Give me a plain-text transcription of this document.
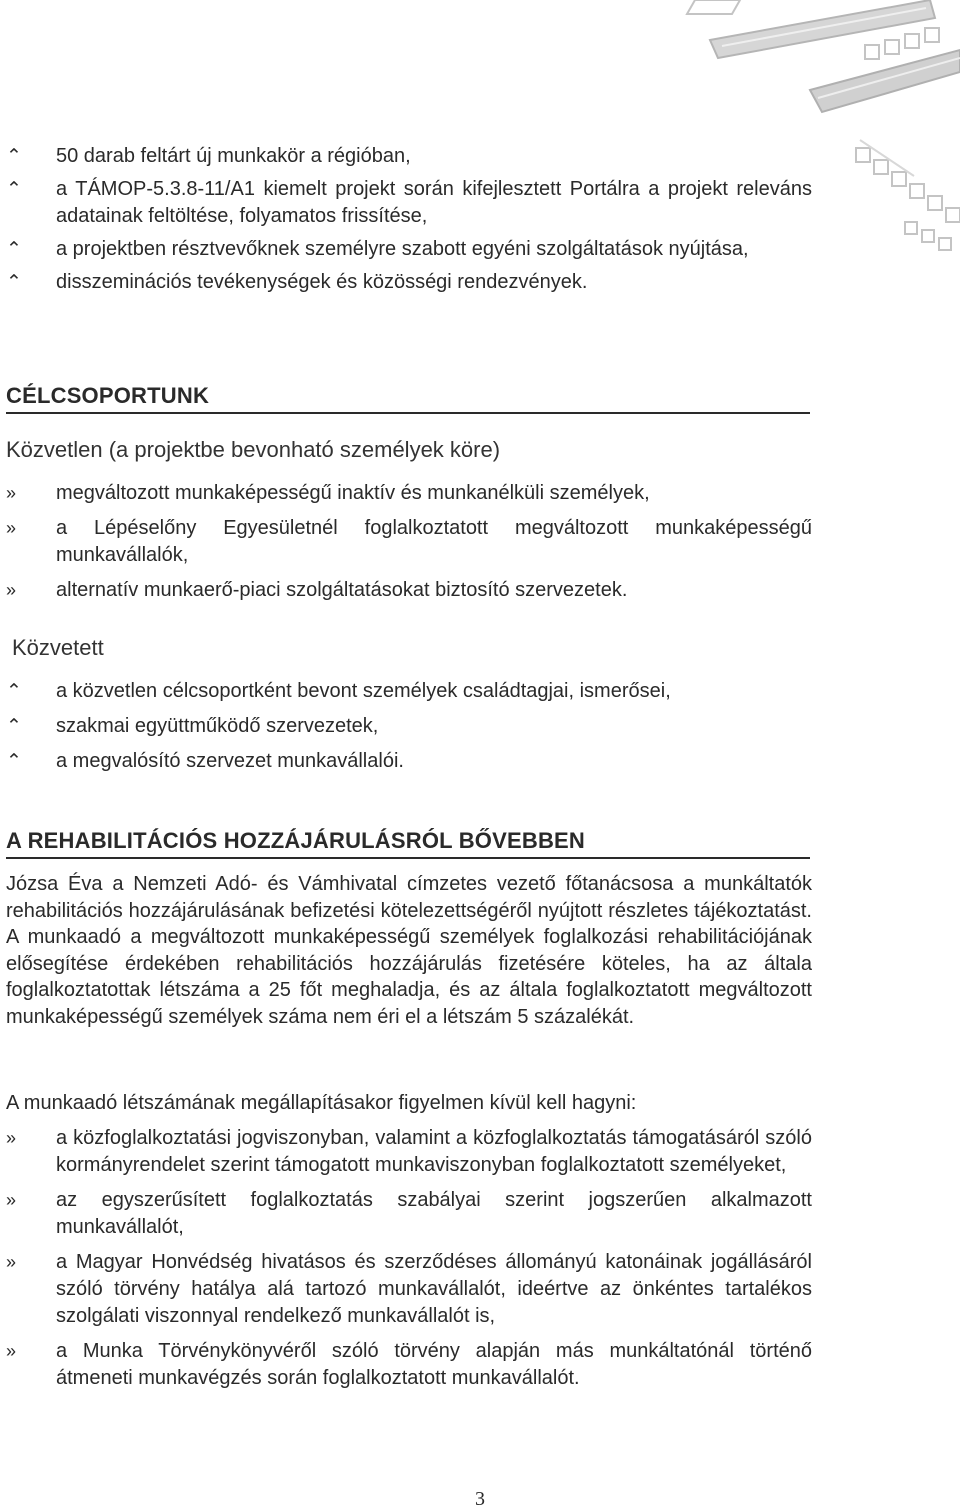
⌃	50 darab feltárt új munkakör a régióban,
⌃	a TÁMOP-5.3.8-11/A1 kiemelt projekt során kifejlesztett Portálra a projekt releváns adatainak feltöltése, folyamatos frissítése,
⌃	a projektben résztvevőknek személyre szabott egyéni szolgáltatások nyújtása,
⌃	disszeminációs tevékenységek és közösségi rendezvények.
CÉLCSOPORTUNK
Közvetlen (a projektbe bevonható személyek köre)
»	megváltozott munkaképességű inaktív és munkanélküli személyek,
»	a Lépéselőny Egyesületnél foglalkoztatott megváltozott munkaképességű munkavállalók,
»	alternatív munkaerő-piaci szolgáltatásokat biztosító szervezetek.
Közvetett
⌃	a közvetlen célcsoportként bevont személyek családtagjai, ismerősei,
⌃	szakmai együttműködő szervezetek,
⌃	a megvalósító szervezet munkavállalói.
A REHABILITÁCIÓS HOZZÁJÁRULÁSRÓL BŐVEBBEN

Józsa Éva a Nemzeti Adó- és Vámhivatal címzetes vezető főtanácsosa a munkáltatók rehabilitációs hozzájárulásának befizetési kötelezettségéről nyújtott részletes tájékoztatást. A munkaadó a megváltozott munkaképességű személyek foglalkozási rehabilitációjának elősegítése érdekében rehabilitációs hozzájárulás fizetésére köteles, ha az általa foglalkoztatottak létszáma a 25 főt meghaladja, és az általa foglalkoztatott megváltozott munkaképességű személyek száma nem éri el a létszám 5 százalékát.

A munkaadó létszámának megállapításakor figyelmen kívül kell hagyni:

»	a közfoglalkoztatási jogviszonyban, valamint a közfoglalkoztatás támogatásáról szóló kormányrendelet szerint támogatott munkaviszonyban foglalkoztatott személyeket,
»	az egyszerűsített foglalkoztatás szabályai szerint jogszerűen alkalmazott munkavállalót,
»	a Magyar Honvédség hivatásos és szerződéses állományú katonáinak jogállásáról szóló törvény hatálya alá tartozó munkavállalót, ideértve az önkéntes tartalékos szolgálati viszonnyal rendelkező munkavállalót is,
»	a Munka Törvénykönyvéről szóló törvény alapján más munkáltatónál történő átmeneti munkavégzés során foglalkoztatott munkavállalót.
3
